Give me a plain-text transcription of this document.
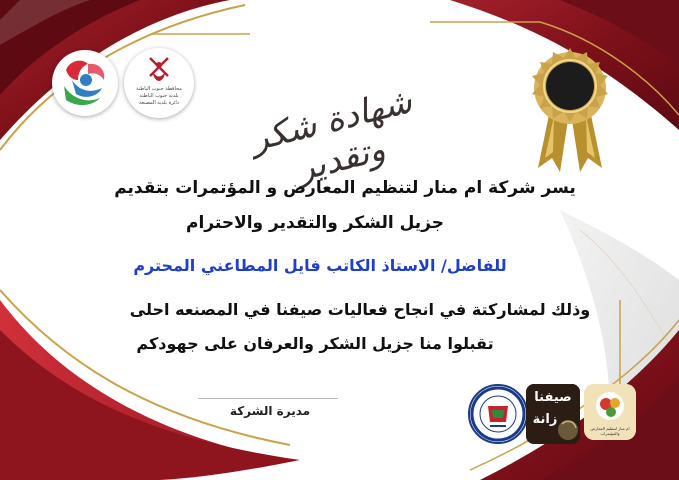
محافظة جنوب الباطنة
بلدية جنوب الباطنة
دائرة بلدية المصنعة	شهادة شكر وتقدير
يسر شركة ام منار لتنظيم المعارض و المؤتمرات بتقديم
جزيل الشكر والتقدير والاحترام
للفاضل/ الاستاذ الكاتب فايل المطاعني المحترم
وذلك لمشاركتة في انجاح فعاليات صيفنا في المصنعه احلى
تقبلوا منا جزيل الشكر والعرفان على جهودكم
مديرة الشركة
صيفنا
زانة
ام منار لتنظيم المعارض والمؤتمرات
